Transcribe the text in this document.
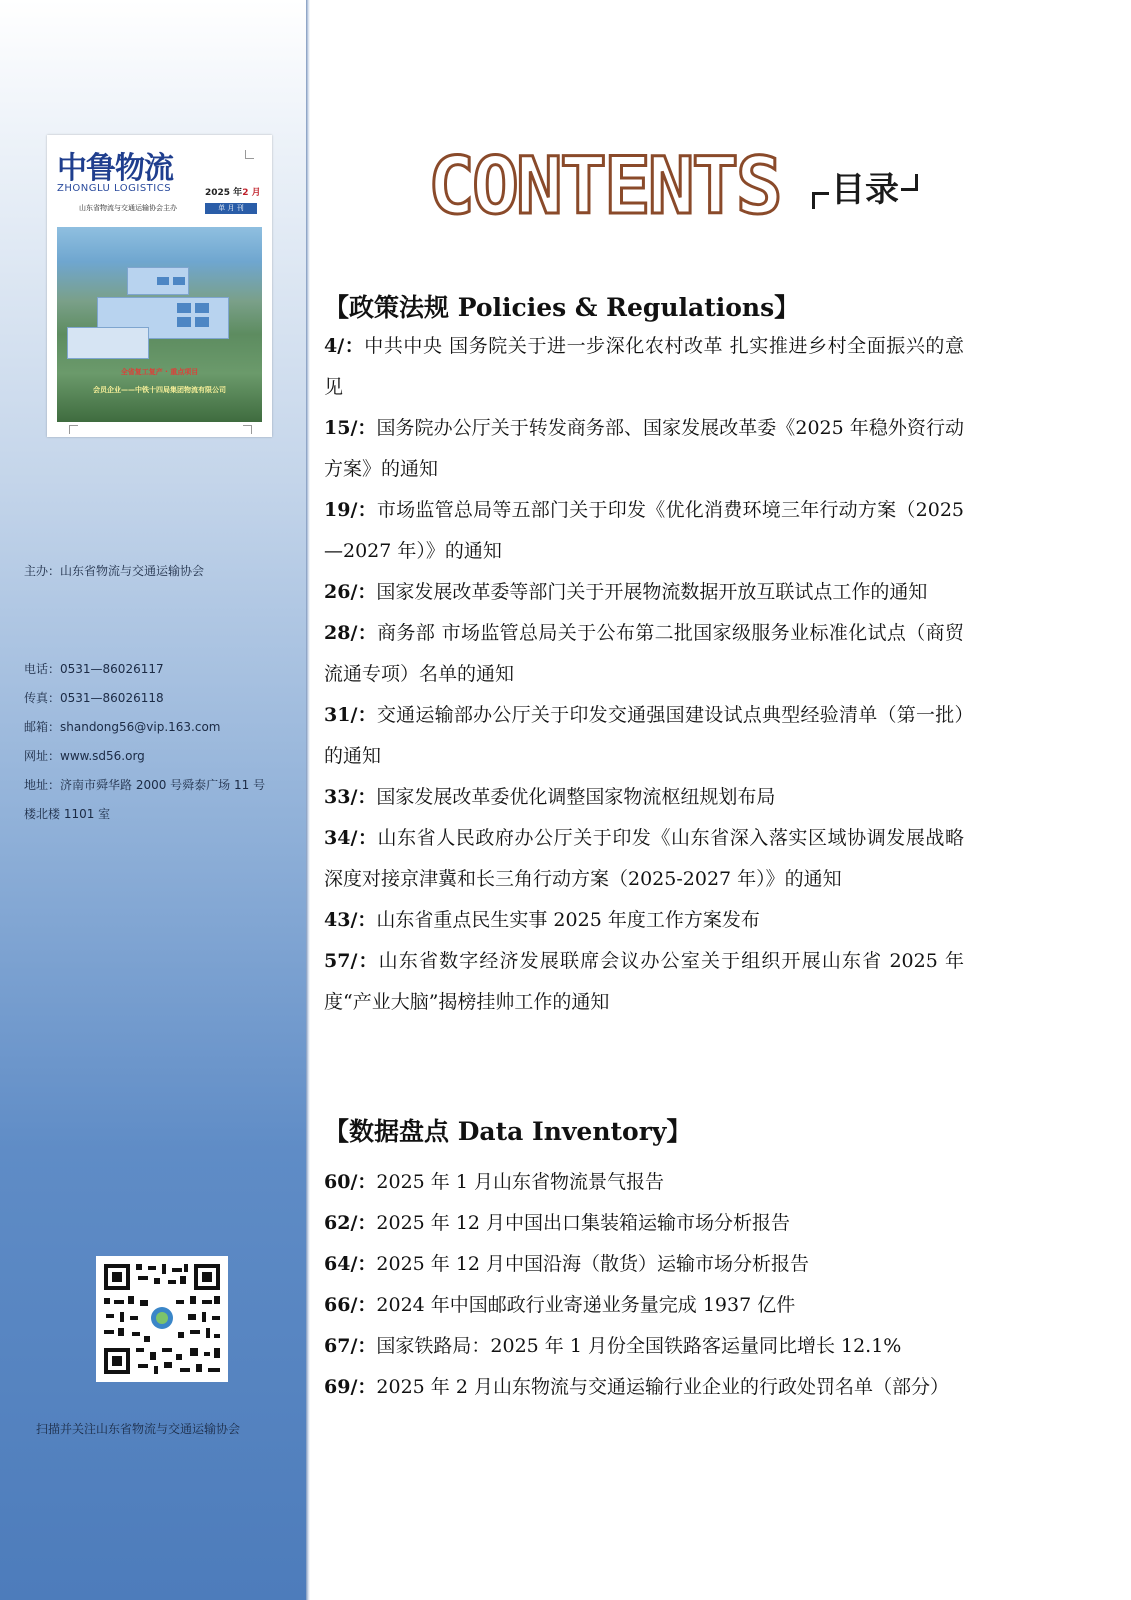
中鲁物流
ZHONGLU LOGISTICS	2025 年2 月
山东省物流与交通运输协会主办	单 月 刊
全省复工复产 · 重点项目
会员企业——中铁十四局集团物流有限公司
主办：山东省物流与交通运输协会
电话：0531—86026117
传真：0531—86026118
邮箱：shandong56@vip.163.com
网址：www.sd56.org
地址：济南市舜华路 2000 号舜泰广场 11 号
楼北楼 1101 室
扫描并关注山东省物流与交通运输协会
CONTENTS	目录
【政策法规 Policies & Regulations】

4/：中共中央 国务院关于进一步深化农村改革 扎实推进乡村全面振兴的意见

15/：国务院办公厅关于转发商务部、国家发展改革委《2025 年稳外资行动方案》的通知

19/：市场监管总局等五部门关于印发《优化消费环境三年行动方案（2025—2027 年）》的通知

26/：国家发展改革委等部门关于开展物流数据开放互联试点工作的通知

28/：商务部 市场监管总局关于公布第二批国家级服务业标准化试点（商贸流通专项）名单的通知

31/：交通运输部办公厅关于印发交通强国建设试点典型经验清单（第一批）的通知

33/：国家发展改革委优化调整国家物流枢纽规划布局

34/：山东省人民政府办公厅关于印发《山东省深入落实区域协调发展战略深度对接京津冀和长三角行动方案（2025-2027 年）》的通知

43/：山东省重点民生实事 2025 年度工作方案发布

57/：山东省数字经济发展联席会议办公室关于组织开展山东省 2025 年度“产业大脑”揭榜挂帅工作的通知

【数据盘点 Data Inventory】

60/：2025 年 1 月山东省物流景气报告

62/：2025 年 12 月中国出口集装箱运输市场分析报告

64/：2025 年 12 月中国沿海（散货）运输市场分析报告

66/：2024 年中国邮政行业寄递业务量完成 1937 亿件

67/：国家铁路局：2025 年 1 月份全国铁路客运量同比增长 12.1%

69/：2025 年 2 月山东物流与交通运输行业企业的行政处罚名单（部分）
